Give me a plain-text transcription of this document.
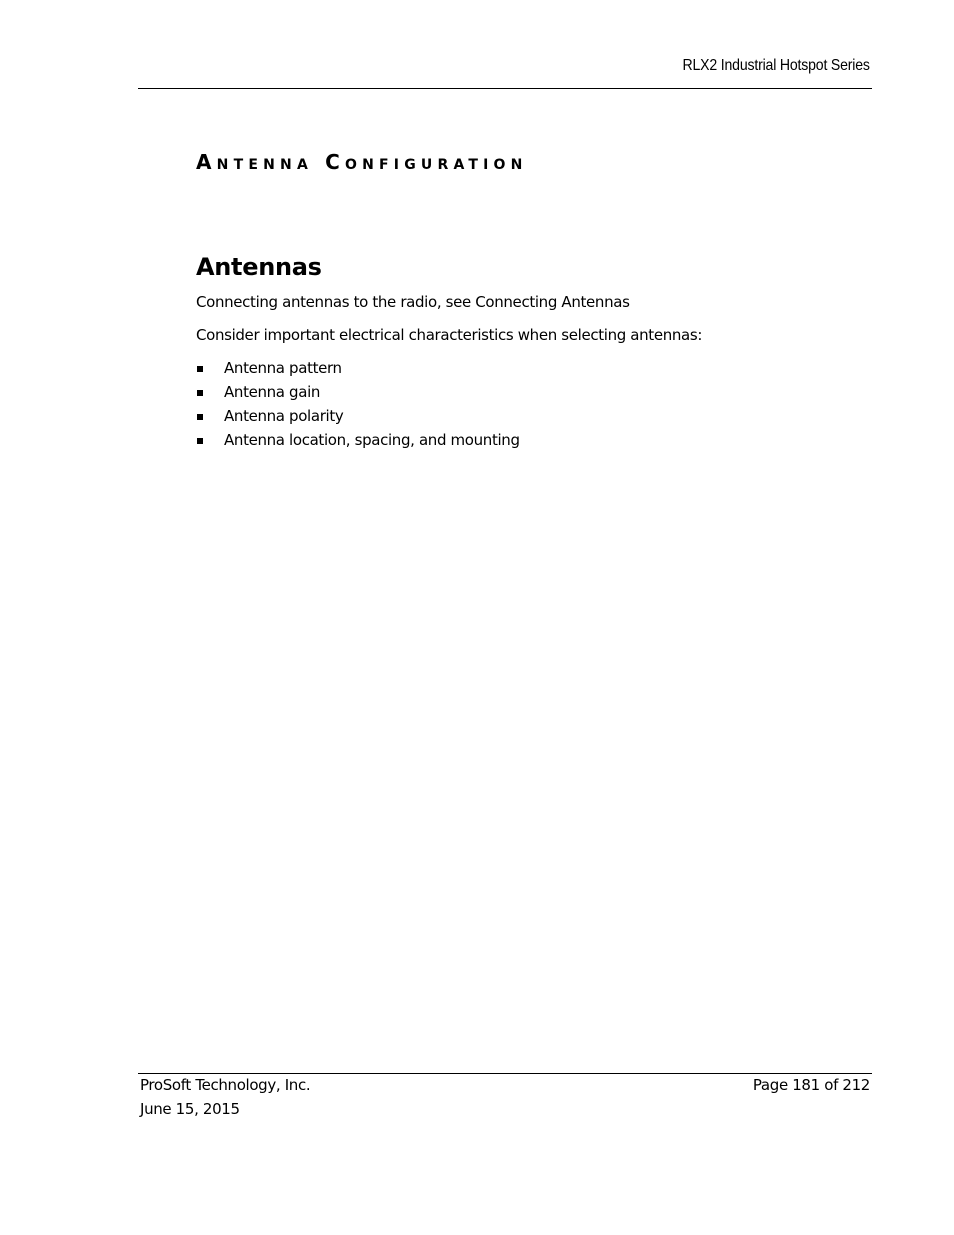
RLX2 Industrial Hotspot Series
Antenna Configuration
Antennas

Connecting antennas to the radio, see Connecting Antennas

Consider important electrical characteristics when selecting antennas:

Antenna pattern
Antenna gain
Antenna polarity
Antenna location, spacing, and mounting
ProSoft Technology, Inc.
June 15, 2015
Page 181 of 212
